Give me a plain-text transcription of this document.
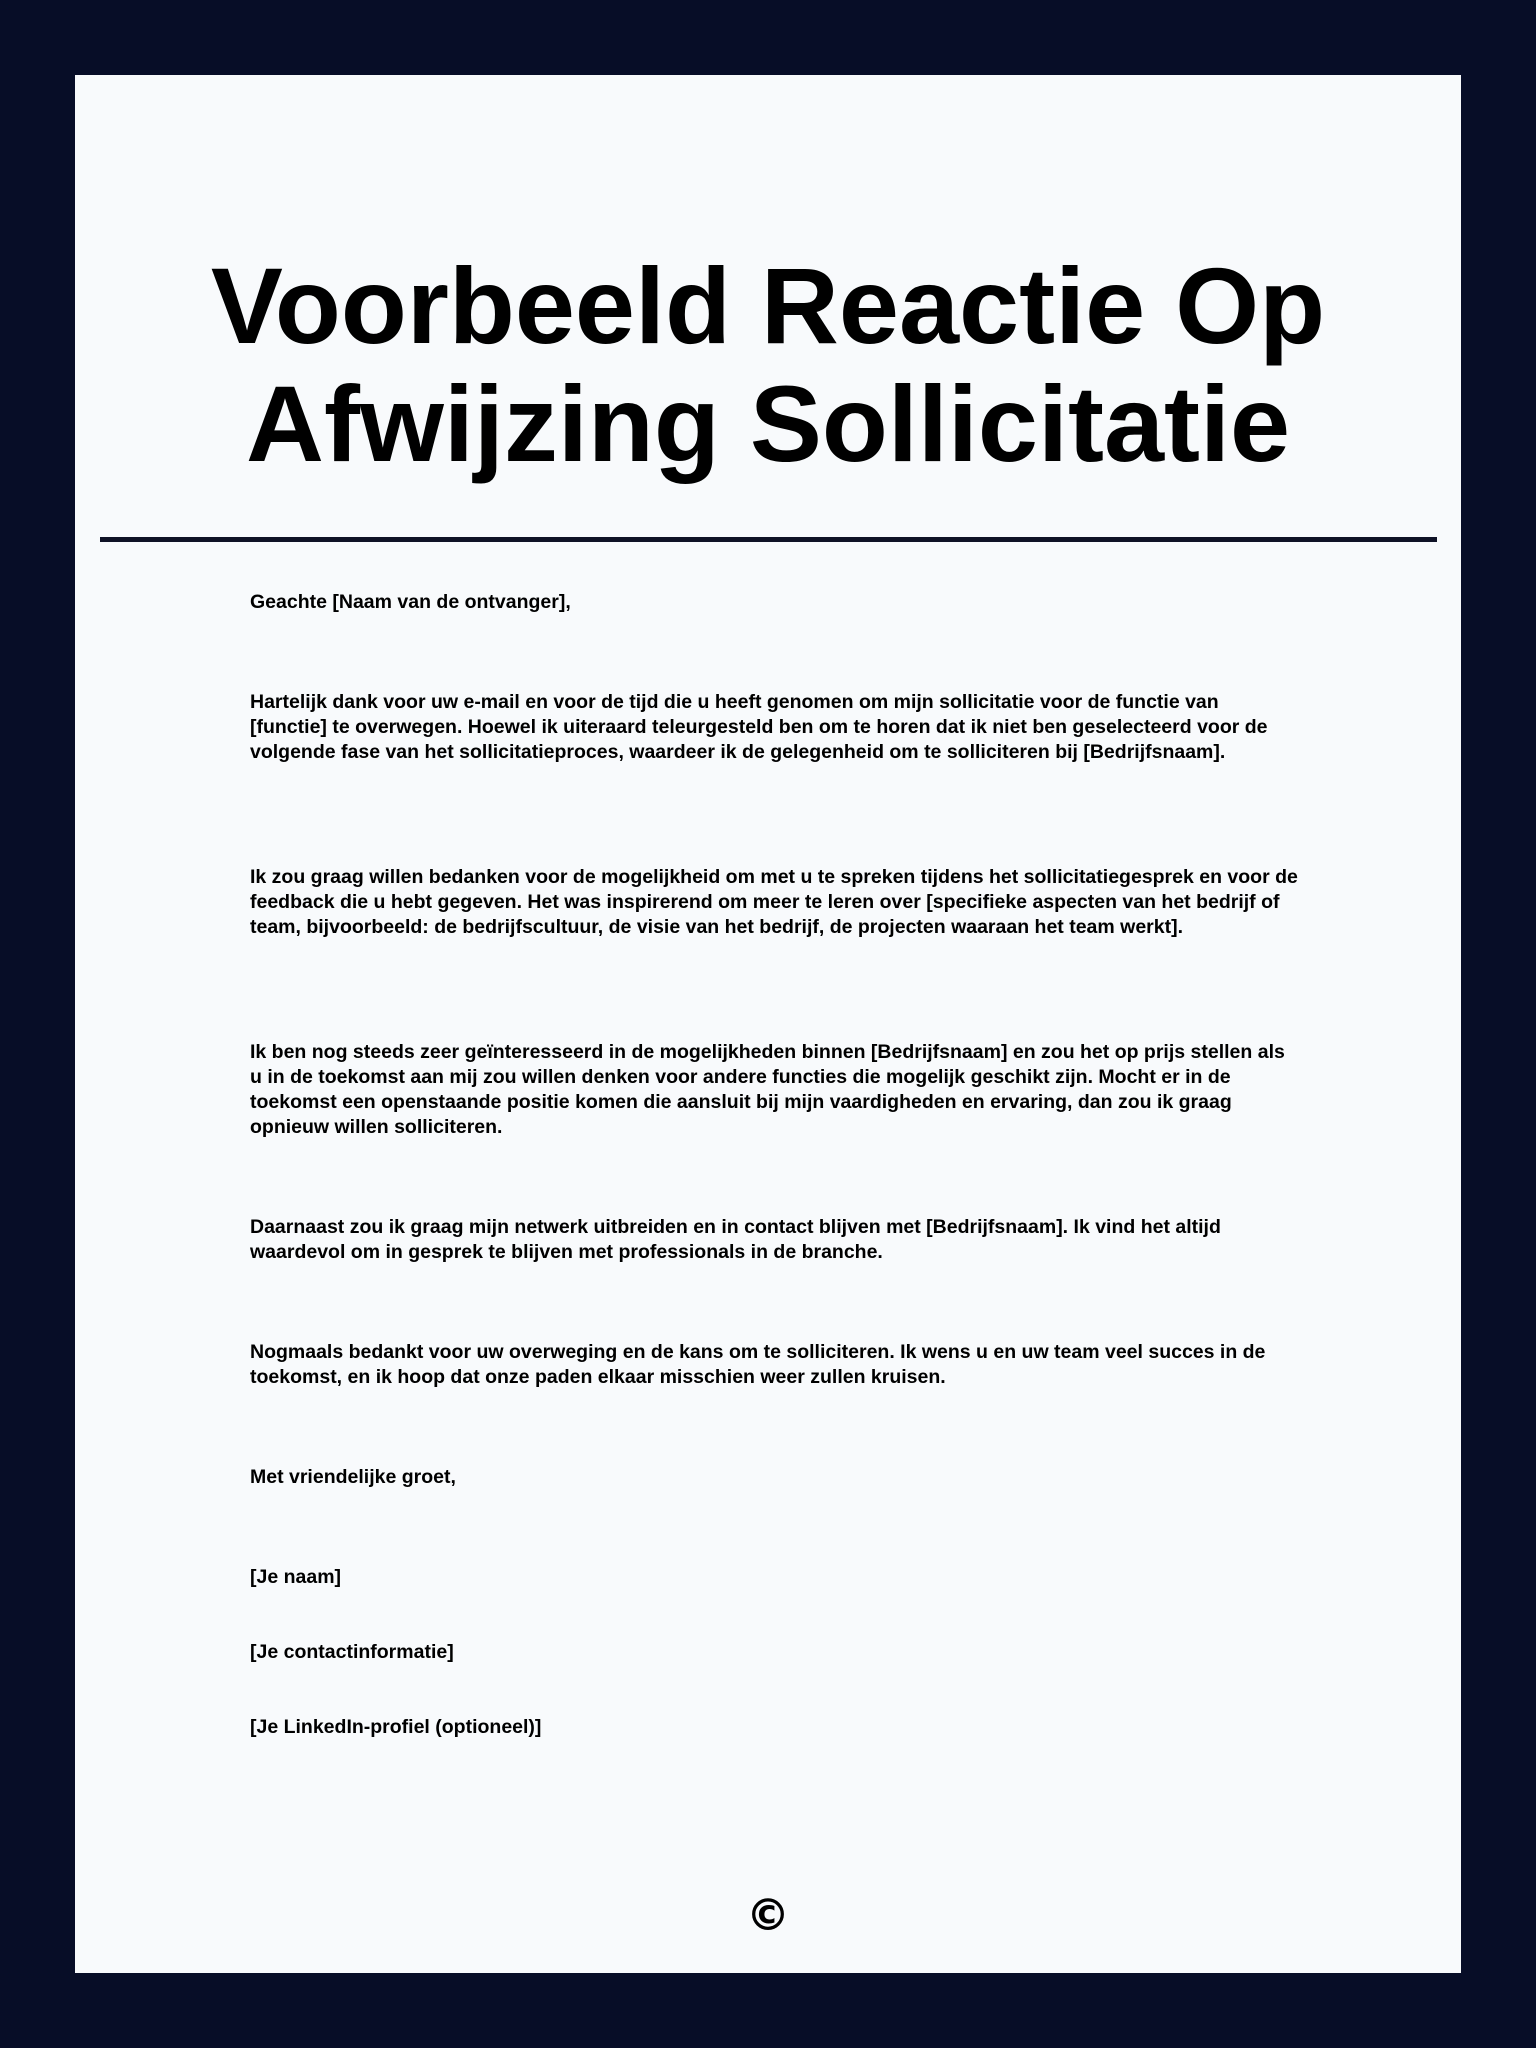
Voorbeeld Reactie Op Afwijzing Sollicitatie

Geachte [Naam van de ontvanger],

Hartelijk dank voor uw e-mail en voor de tijd die u heeft genomen om mijn sollicitatie voor de functie van [functie] te overwegen. Hoewel ik uiteraard teleurgesteld ben om te horen dat ik niet ben geselecteerd voor de volgende fase van het sollicitatieproces, waardeer ik de gelegenheid om te solliciteren bij [Bedrijfsnaam].

Ik zou graag willen bedanken voor de mogelijkheid om met u te spreken tijdens het sollicitatiegesprek en voor de feedback die u hebt gegeven. Het was inspirerend om meer te leren over [specifieke aspecten van het bedrijf of team, bijvoorbeeld: de bedrijfscultuur, de visie van het bedrijf, de projecten waaraan het team werkt].

Ik ben nog steeds zeer geïnteresseerd in de mogelijkheden binnen [Bedrijfsnaam] en zou het op prijs stellen als u in de toekomst aan mij zou willen denken voor andere functies die mogelijk geschikt zijn. Mocht er in de toekomst een openstaande positie komen die aansluit bij mijn vaardigheden en ervaring, dan zou ik graag opnieuw willen solliciteren.

Daarnaast zou ik graag mijn netwerk uitbreiden en in contact blijven met [Bedrijfsnaam]. Ik vind het altijd waardevol om in gesprek te blijven met professionals in de branche.

Nogmaals bedankt voor uw overweging en de kans om te solliciteren. Ik wens u en uw team veel succes in de toekomst, en ik hoop dat onze paden elkaar misschien weer zullen kruisen.

Met vriendelijke groet,

[Je naam]

[Je contactinformatie]

[Je LinkedIn-profiel (optioneel)]

©
